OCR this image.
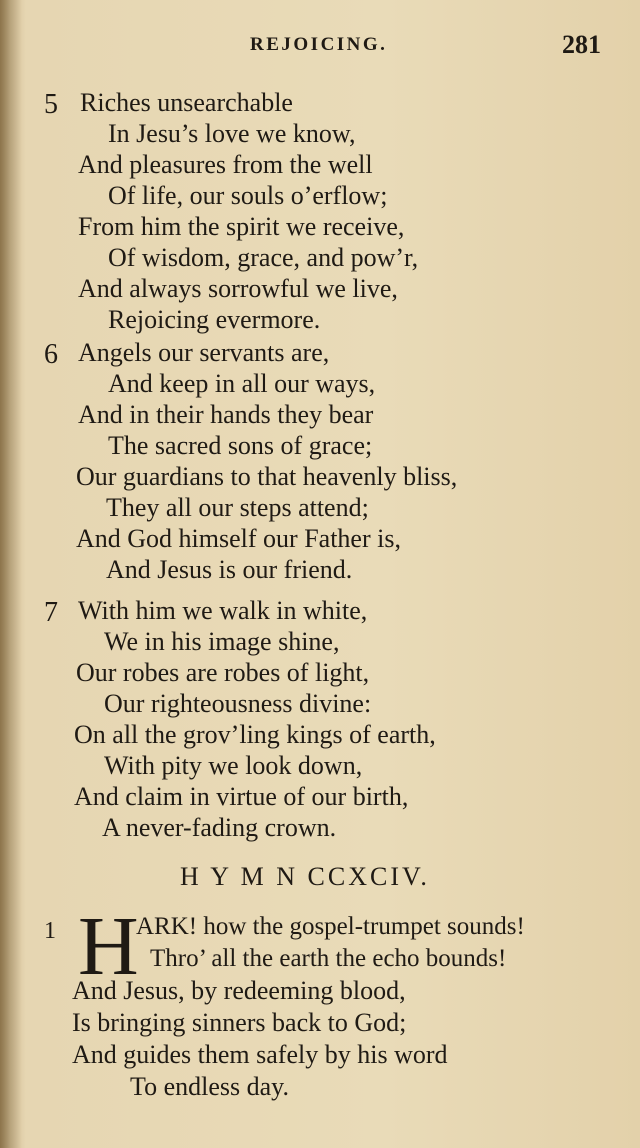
REJOICING.	281
5 Riches unsearchable
In Jesu’s love we know,
And pleasures from the well
Of life, our souls o’erflow;
From him the spirit we receive,
Of wisdom, grace, and pow’r,
And always sorrowful we live,
Rejoicing evermore.
6 Angels our servants are,
And keep in all our ways,
And in their hands they bear
The sacred sons of grace;
Our guardians to that heavenly bliss,
They all our steps attend;
And God himself our Father is,
And Jesus is our friend.
7 With him we walk in white,
We in his image shine,
Our robes are robes of light,
Our righteousness divine:
On all the grov’ling kings of earth,
With pity we look down,
And claim in virtue of our birth,
A never-fading crown.
H Y M N CCXCIV.
1 H
ARK! how the gospel-trumpet sounds!
Thro’ all the earth the echo bounds!
And Jesus, by redeeming blood,
Is bringing sinners back to God;
And guides them safely by his word
To endless day.
